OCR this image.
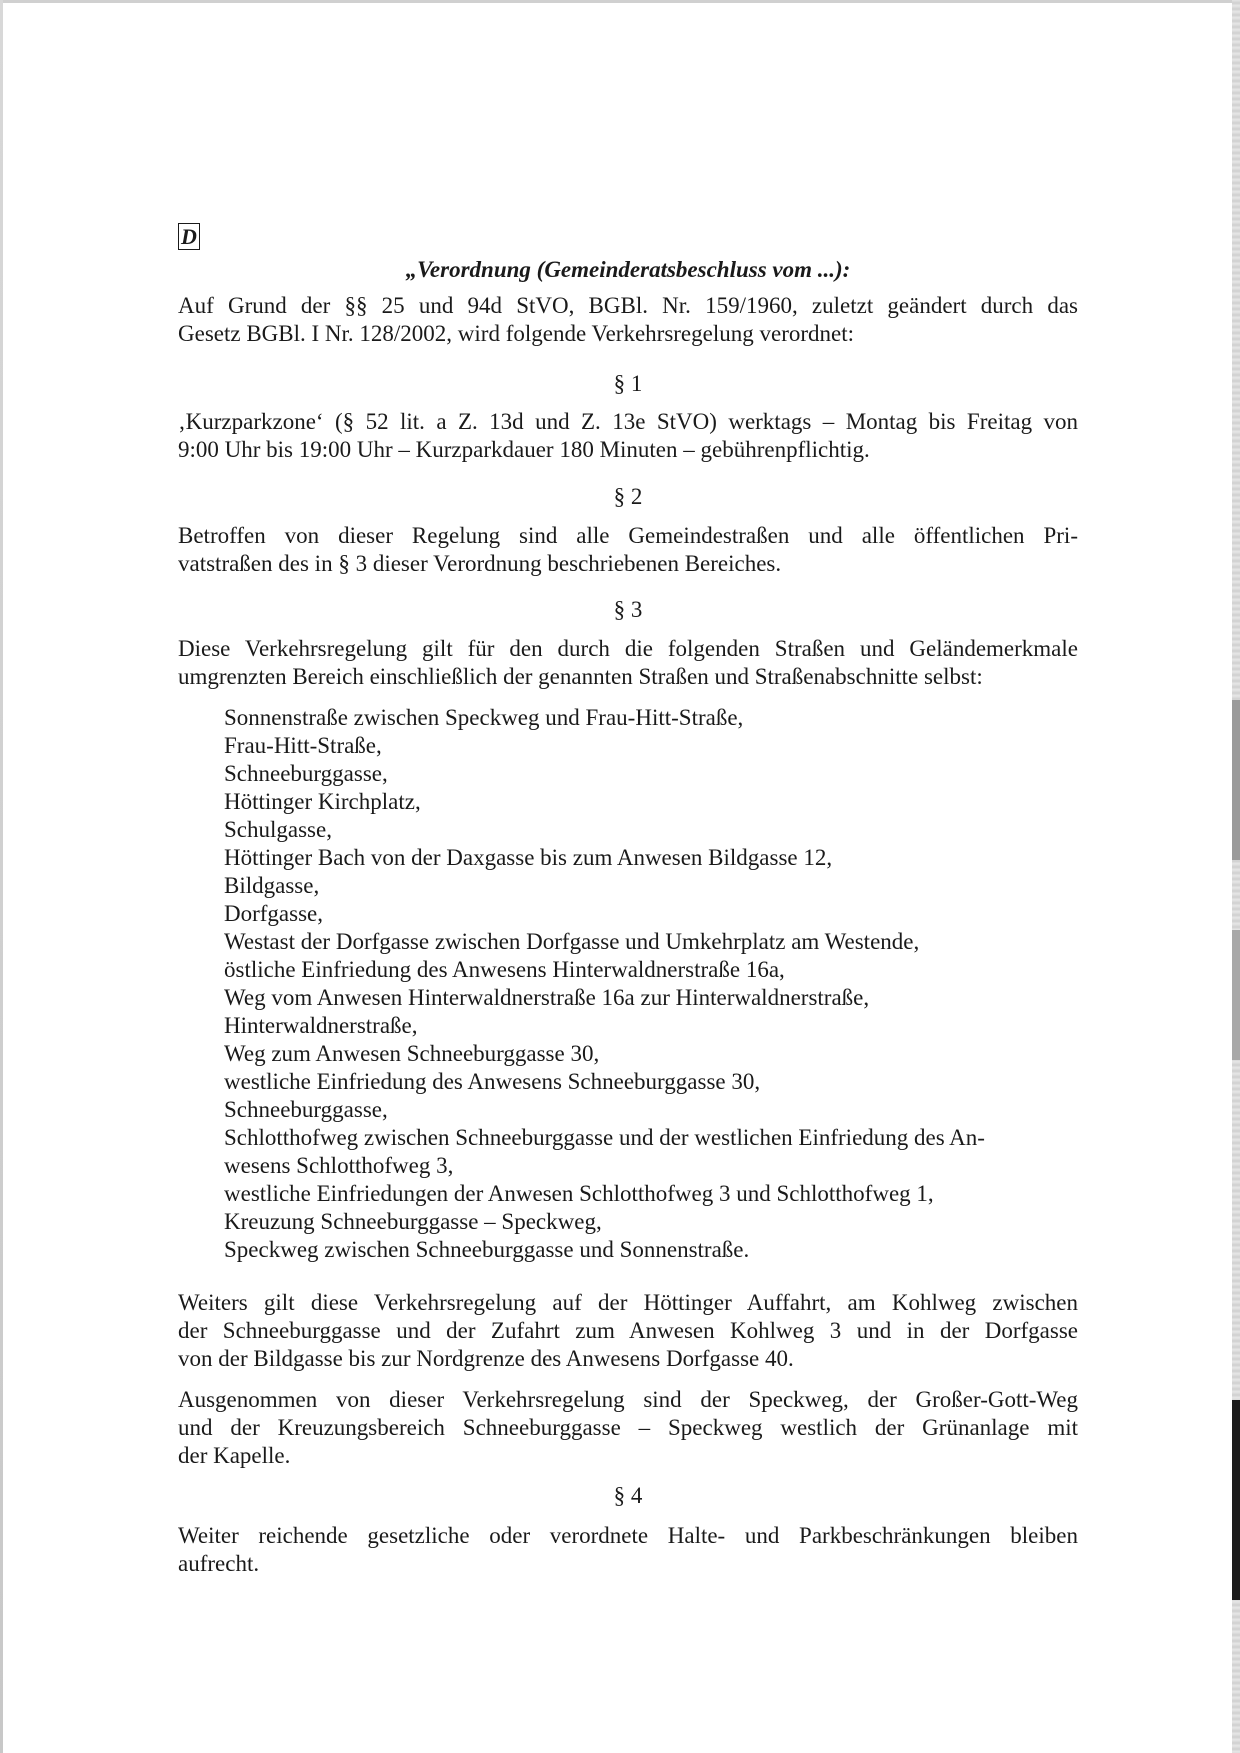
D
„Verordnung (Gemeinderatsbeschluss vom ...):
Auf Grund der §§ 25 und 94d StVO, BGBl. Nr. 159/1960, zuletzt geändert durch das
Gesetz BGBl. I Nr. 128/2002, wird folgende Verkehrsregelung verordnet:
§ 1
‚Kurzparkzone‘ (§ 52 lit. a Z. 13d und Z. 13e StVO) werktags – Montag bis Freitag von
9:00 Uhr bis 19:00 Uhr – Kurzparkdauer 180 Minuten – gebührenpflichtig.
§ 2
Betroffen von dieser Regelung sind alle Gemeindestraßen und alle öffentlichen Pri-
vatstraßen des in § 3 dieser Verordnung beschriebenen Bereiches.
§ 3
Diese Verkehrsregelung gilt für den durch die folgenden Straßen und Geländemerkmale
umgrenzten Bereich einschließlich der genannten Straßen und Straßenabschnitte selbst:
Sonnenstraße zwischen Speckweg und Frau-Hitt-Straße,
Frau-Hitt-Straße,
Schneeburggasse,
Höttinger Kirchplatz,
Schulgasse,
Höttinger Bach von der Daxgasse bis zum Anwesen Bildgasse 12,
Bildgasse,
Dorfgasse,
Westast der Dorfgasse zwischen Dorfgasse und Umkehrplatz am Westende,
östliche Einfriedung des Anwesens Hinterwaldnerstraße 16a,
Weg vom Anwesen Hinterwaldnerstraße 16a zur Hinterwaldnerstraße,
Hinterwaldnerstraße,
Weg zum Anwesen Schneeburggasse 30,
westliche Einfriedung des Anwesens Schneeburggasse 30,
Schneeburggasse,
Schlotthofweg zwischen Schneeburggasse und der westlichen Einfriedung des An-
wesens Schlotthofweg 3,
westliche Einfriedungen der Anwesen Schlotthofweg 3 und Schlotthofweg 1,
Kreuzung Schneeburggasse – Speckweg,
Speckweg zwischen Schneeburggasse und Sonnenstraße.
Weiters gilt diese Verkehrsregelung auf der Höttinger Auffahrt, am Kohlweg zwischen
der Schneeburggasse und der Zufahrt zum Anwesen Kohlweg 3 und in der Dorfgasse
von der Bildgasse bis zur Nordgrenze des Anwesens Dorfgasse 40.
Ausgenommen von dieser Verkehrsregelung sind der Speckweg, der Großer-Gott-Weg
und der Kreuzungsbereich Schneeburggasse – Speckweg westlich der Grünanlage mit
der Kapelle.
§ 4
Weiter reichende gesetzliche oder verordnete Halte- und Parkbeschränkungen bleiben
aufrecht.
